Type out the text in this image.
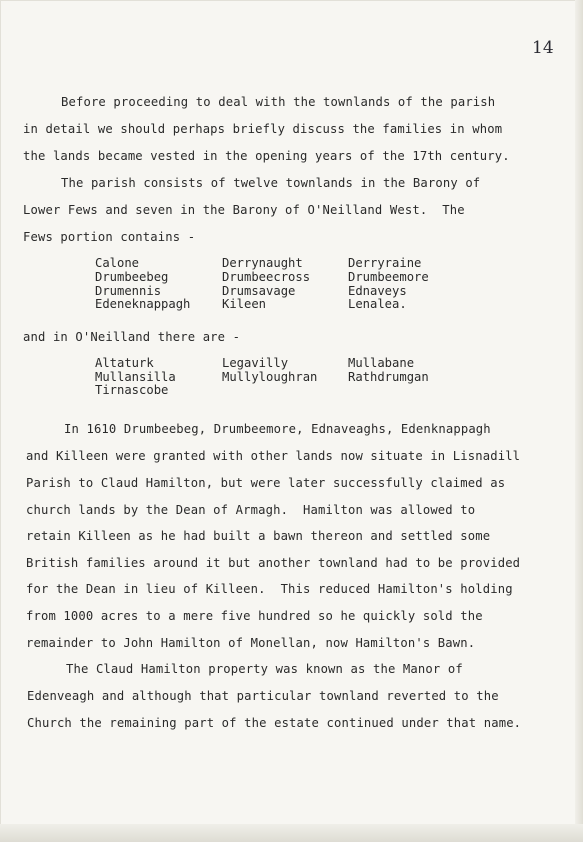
14
Before proceeding to deal with the townlands of the parish
in detail we should perhaps briefly discuss the families in whom
the lands became vested in the opening years of the 17th century.
The parish consists of twelve townlands in the Barony of
Lower Fews and seven in the Barony of O'Neilland West.  The
Fews portion contains -
Calone	Derrynaught	Derryraine
Drumbeebeg	Drumbeecross	Drumbeemore
Drumennis	Drumsavage	Ednaveys
Edeneknappagh	Kileen	Lenalea.
and in O'Neilland there are -
Altaturk	Legavilly	Mullabane
Mullansilla	Mullyloughran	Rathdrumgan
Tirnascobe
In 1610 Drumbeebeg, Drumbeemore, Ednaveaghs, Edenknappagh
and Killeen were granted with other lands now situate in Lisnadill
Parish to Claud Hamilton, but were later successfully claimed as
church lands by the Dean of Armagh.  Hamilton was allowed to
retain Killeen as he had built a bawn thereon and settled some
British families around it but another townland had to be provided
for the Dean in lieu of Killeen.  This reduced Hamilton's holding
from 1000 acres to a mere five hundred so he quickly sold the
remainder to John Hamilton of Monellan, now Hamilton's Bawn.
The Claud Hamilton property was known as the Manor of
Edenveagh and although that particular townland reverted to the
Church the remaining part of the estate continued under that name.
